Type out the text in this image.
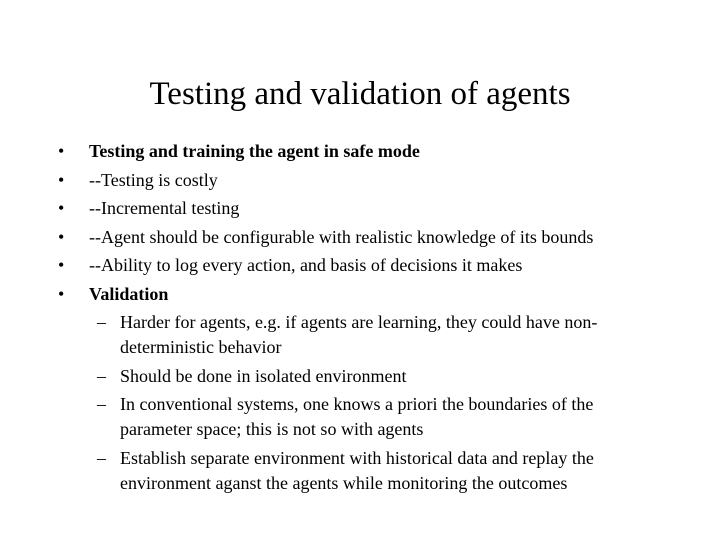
Testing and validation of agents
• Testing and training the agent in safe mode
• --Testing is costly
• --Incremental testing
• --Agent should be configurable with realistic knowledge of its bounds
• --Ability to log every action, and basis of decisions it makes
• Validation
– Harder for agents, e.g. if agents are learning, they could have non-deterministic behavior
– Should be done in isolated environment
– In conventional systems, one knows a priori the boundaries of the parameter space; this is not so with agents
– Establish separate environment with historical data and replay the environment aganst the agents while monitoring the outcomes
